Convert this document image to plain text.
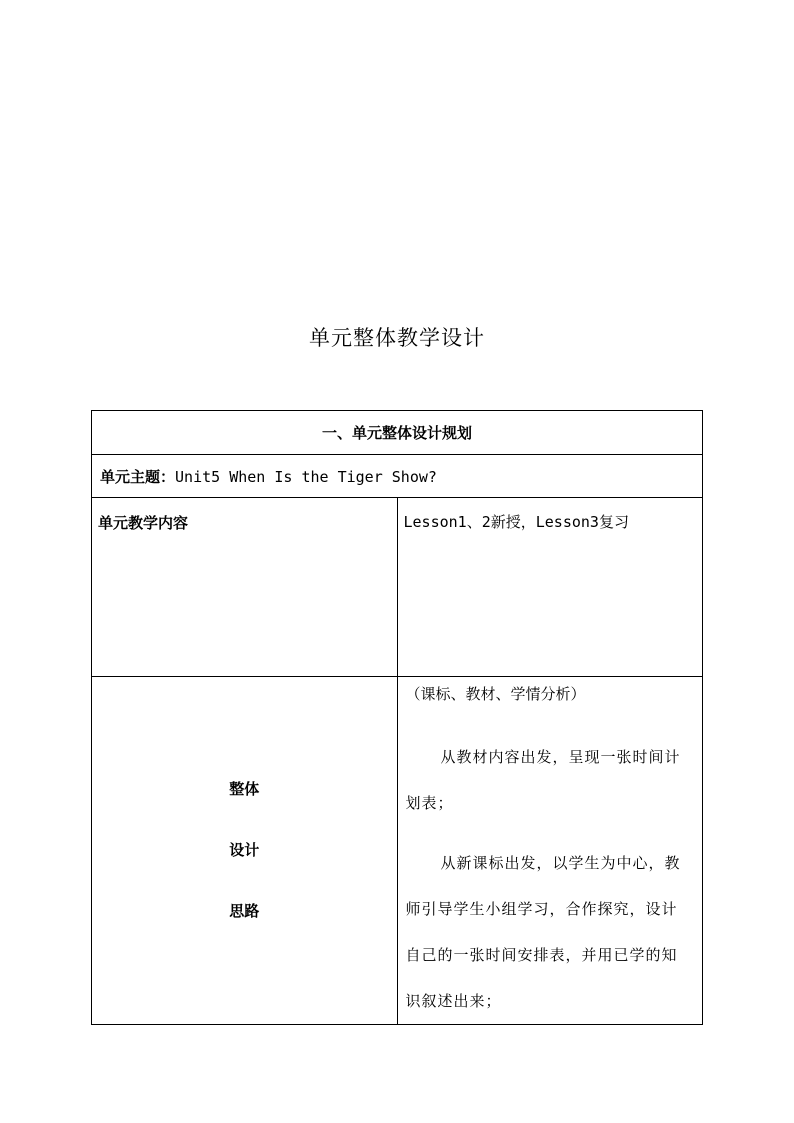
单元整体教学设计
一、单元整体设计规划	
单元主题：Unit5 When Is the Tiger Show?	
单元教学内容	Lesson1、2新授，Lesson3复习

整体
设计
思路	（课标、教材、学情分析）
从教材内容出发，呈现一张时间计划表；
从新课标出发，以学生为中心，教师引导学生小组学习，合作探究，设计自己的一张时间安排表，并用已学的知识叙述出来；
